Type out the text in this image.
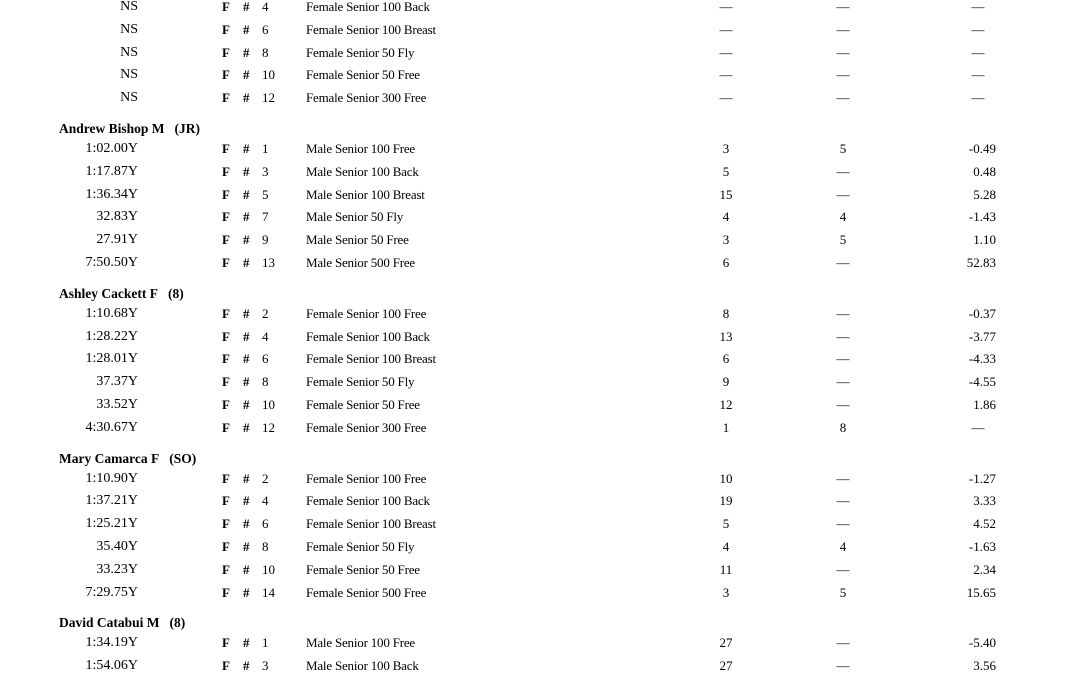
NS	F # 4	Female Senior 100 Back	—	—	—
NS	F # 6	Female Senior 100 Breast	—	—	—
NS	F # 8	Female Senior 50 Fly	—	—	—
NS	F # 10 Female Senior 50 Free	—	—	—
NS	F # 12 Female Senior 300 Free	—	—	—
Andrew Bishop M (JR)
1:02.00Y	F # 1	Male Senior 100 Free	3	5	-0.49
1:17.87Y	F # 3	Male Senior 100 Back	5	—	0.48
1:36.34Y	F # 5	Male Senior 100 Breast	15	—	5.28
32.83Y	F # 7	Male Senior 50 Fly	4	4	-1.43
27.91Y	F # 9	Male Senior 50 Free	3	5	1.10
7:50.50Y	F # 13 Male Senior 500 Free	6	—	52.83
Ashley Cackett F (8)
1:10.68Y	F # 2	Female Senior 100 Free	8	—	-0.37
1:28.22Y	F # 4	Female Senior 100 Back	13	—	-3.77
1:28.01Y	F # 6	Female Senior 100 Breast	6	—	-4.33
37.37Y	F # 8	Female Senior 50 Fly	9	—	-4.55
33.52Y	F # 10 Female Senior 50 Free	12	—	1.86
4:30.67Y	F # 12 Female Senior 300 Free	1	8	—
Mary Camarca F (SO)
1:10.90Y	F # 2	Female Senior 100 Free	10	—	-1.27
1:37.21Y	F # 4	Female Senior 100 Back	19	—	3.33
1:25.21Y	F # 6	Female Senior 100 Breast	5	—	4.52
35.40Y	F # 8	Female Senior 50 Fly	4	4	-1.63
33.23Y	F # 10 Female Senior 50 Free	11	—	2.34
7:29.75Y	F # 14 Female Senior 500 Free	3	5	15.65
David Catabui M (8)
1:34.19Y	F # 1	Male Senior 100 Free	27	—	-5.40
1:54.06Y	F # 3	Male Senior 100 Back	27	—	3.56
